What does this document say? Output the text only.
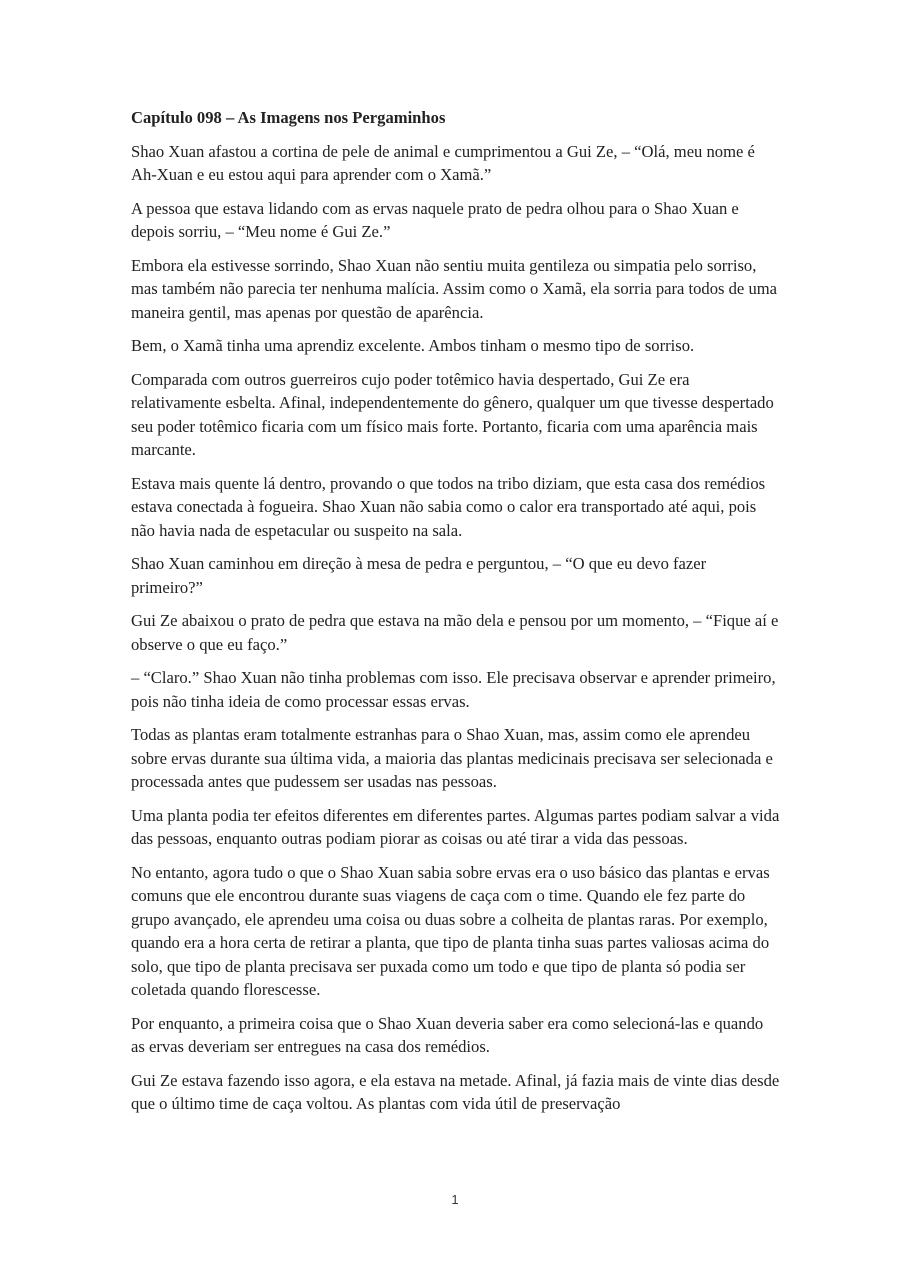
Capítulo 098 – As Imagens nos Pergaminhos

Shao Xuan afastou a cortina de pele de animal e cumprimentou a Gui Ze, – “Olá, meu nome é Ah-Xuan e eu estou aqui para aprender com o Xamã.”

A pessoa que estava lidando com as ervas naquele prato de pedra olhou para o Shao Xuan e depois sorriu, – “Meu nome é Gui Ze.”

Embora ela estivesse sorrindo, Shao Xuan não sentiu muita gentileza ou simpatia pelo sorriso, mas também não parecia ter nenhuma malícia. Assim como o Xamã, ela sorria para todos de uma maneira gentil, mas apenas por questão de aparência.

Bem, o Xamã tinha uma aprendiz excelente. Ambos tinham o mesmo tipo de sorriso.

Comparada com outros guerreiros cujo poder totêmico havia despertado, Gui Ze era relativamente esbelta. Afinal, independentemente do gênero, qualquer um que tivesse despertado seu poder totêmico ficaria com um físico mais forte. Portanto, ficaria com uma aparência mais marcante.

Estava mais quente lá dentro, provando o que todos na tribo diziam, que esta casa dos remédios estava conectada à fogueira. Shao Xuan não sabia como o calor era transportado até aqui, pois não havia nada de espetacular ou suspeito na sala.

Shao Xuan caminhou em direção à mesa de pedra e perguntou, – “O que eu devo fazer primeiro?”

Gui Ze abaixou o prato de pedra que estava na mão dela e pensou por um momento, – “Fique aí e observe o que eu faço.”

– “Claro.” Shao Xuan não tinha problemas com isso. Ele precisava observar e aprender primeiro, pois não tinha ideia de como processar essas ervas.

Todas as plantas eram totalmente estranhas para o Shao Xuan, mas, assim como ele aprendeu sobre ervas durante sua última vida, a maioria das plantas medicinais precisava ser selecionada e processada antes que pudessem ser usadas nas pessoas.

Uma planta podia ter efeitos diferentes em diferentes partes. Algumas partes podiam salvar a vida das pessoas, enquanto outras podiam piorar as coisas ou até tirar a vida das pessoas.

No entanto, agora tudo o que o Shao Xuan sabia sobre ervas era o uso básico das plantas e ervas comuns que ele encontrou durante suas viagens de caça com o time. Quando ele fez parte do grupo avançado, ele aprendeu uma coisa ou duas sobre a colheita de plantas raras. Por exemplo, quando era a hora certa de retirar a planta, que tipo de planta tinha suas partes valiosas acima do solo, que tipo de planta precisava ser puxada como um todo e que tipo de planta só podia ser coletada quando florescesse.

Por enquanto, a primeira coisa que o Shao Xuan deveria saber era como selecioná-las e quando as ervas deveriam ser entregues na casa dos remédios.

Gui Ze estava fazendo isso agora, e ela estava na metade. Afinal, já fazia mais de vinte dias desde que o último time de caça voltou. As plantas com vida útil de preservação

1
